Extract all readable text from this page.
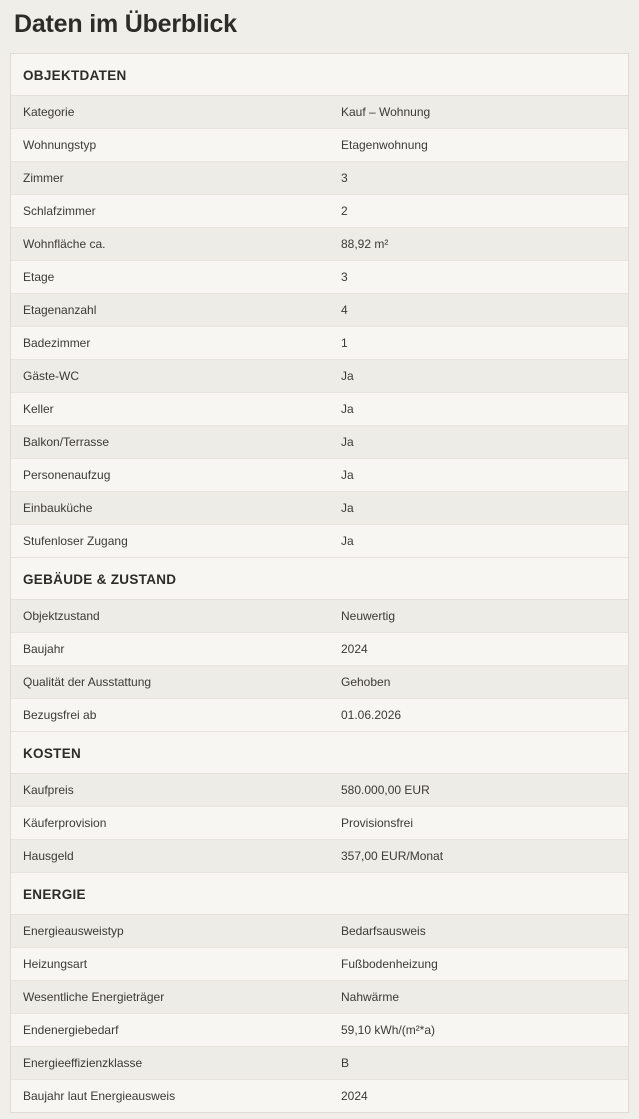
Daten im Überblick
OBJEKTDATEN
Kategorie	Kauf – Wohnung
Wohnungstyp	Etagenwohnung
Zimmer	3
Schlafzimmer	2
Wohnfläche ca.	88,92 m²
Etage	3
Etagenanzahl	4
Badezimmer	1
Gäste-WC	Ja
Keller	Ja
Balkon/Terrasse	Ja
Personenaufzug	Ja
Einbauküche	Ja
Stufenloser Zugang	Ja
GEBÄUDE & ZUSTAND
Objektzustand	Neuwertig
Baujahr	2024
Qualität der Ausstattung	Gehoben
Bezugsfrei ab	01.06.2026
KOSTEN
Kaufpreis	580.000,00 EUR
Käuferprovision	Provisionsfrei
Hausgeld	357,00 EUR/Monat
ENERGIE
Energieausweistyp	Bedarfsausweis
Heizungsart	Fußbodenheizung
Wesentliche Energieträger	Nahwärme
Endenergiebedarf	59,10 kWh/(m²*a)
Energieeffizienzklasse	B
Baujahr laut Energieausweis	2024
